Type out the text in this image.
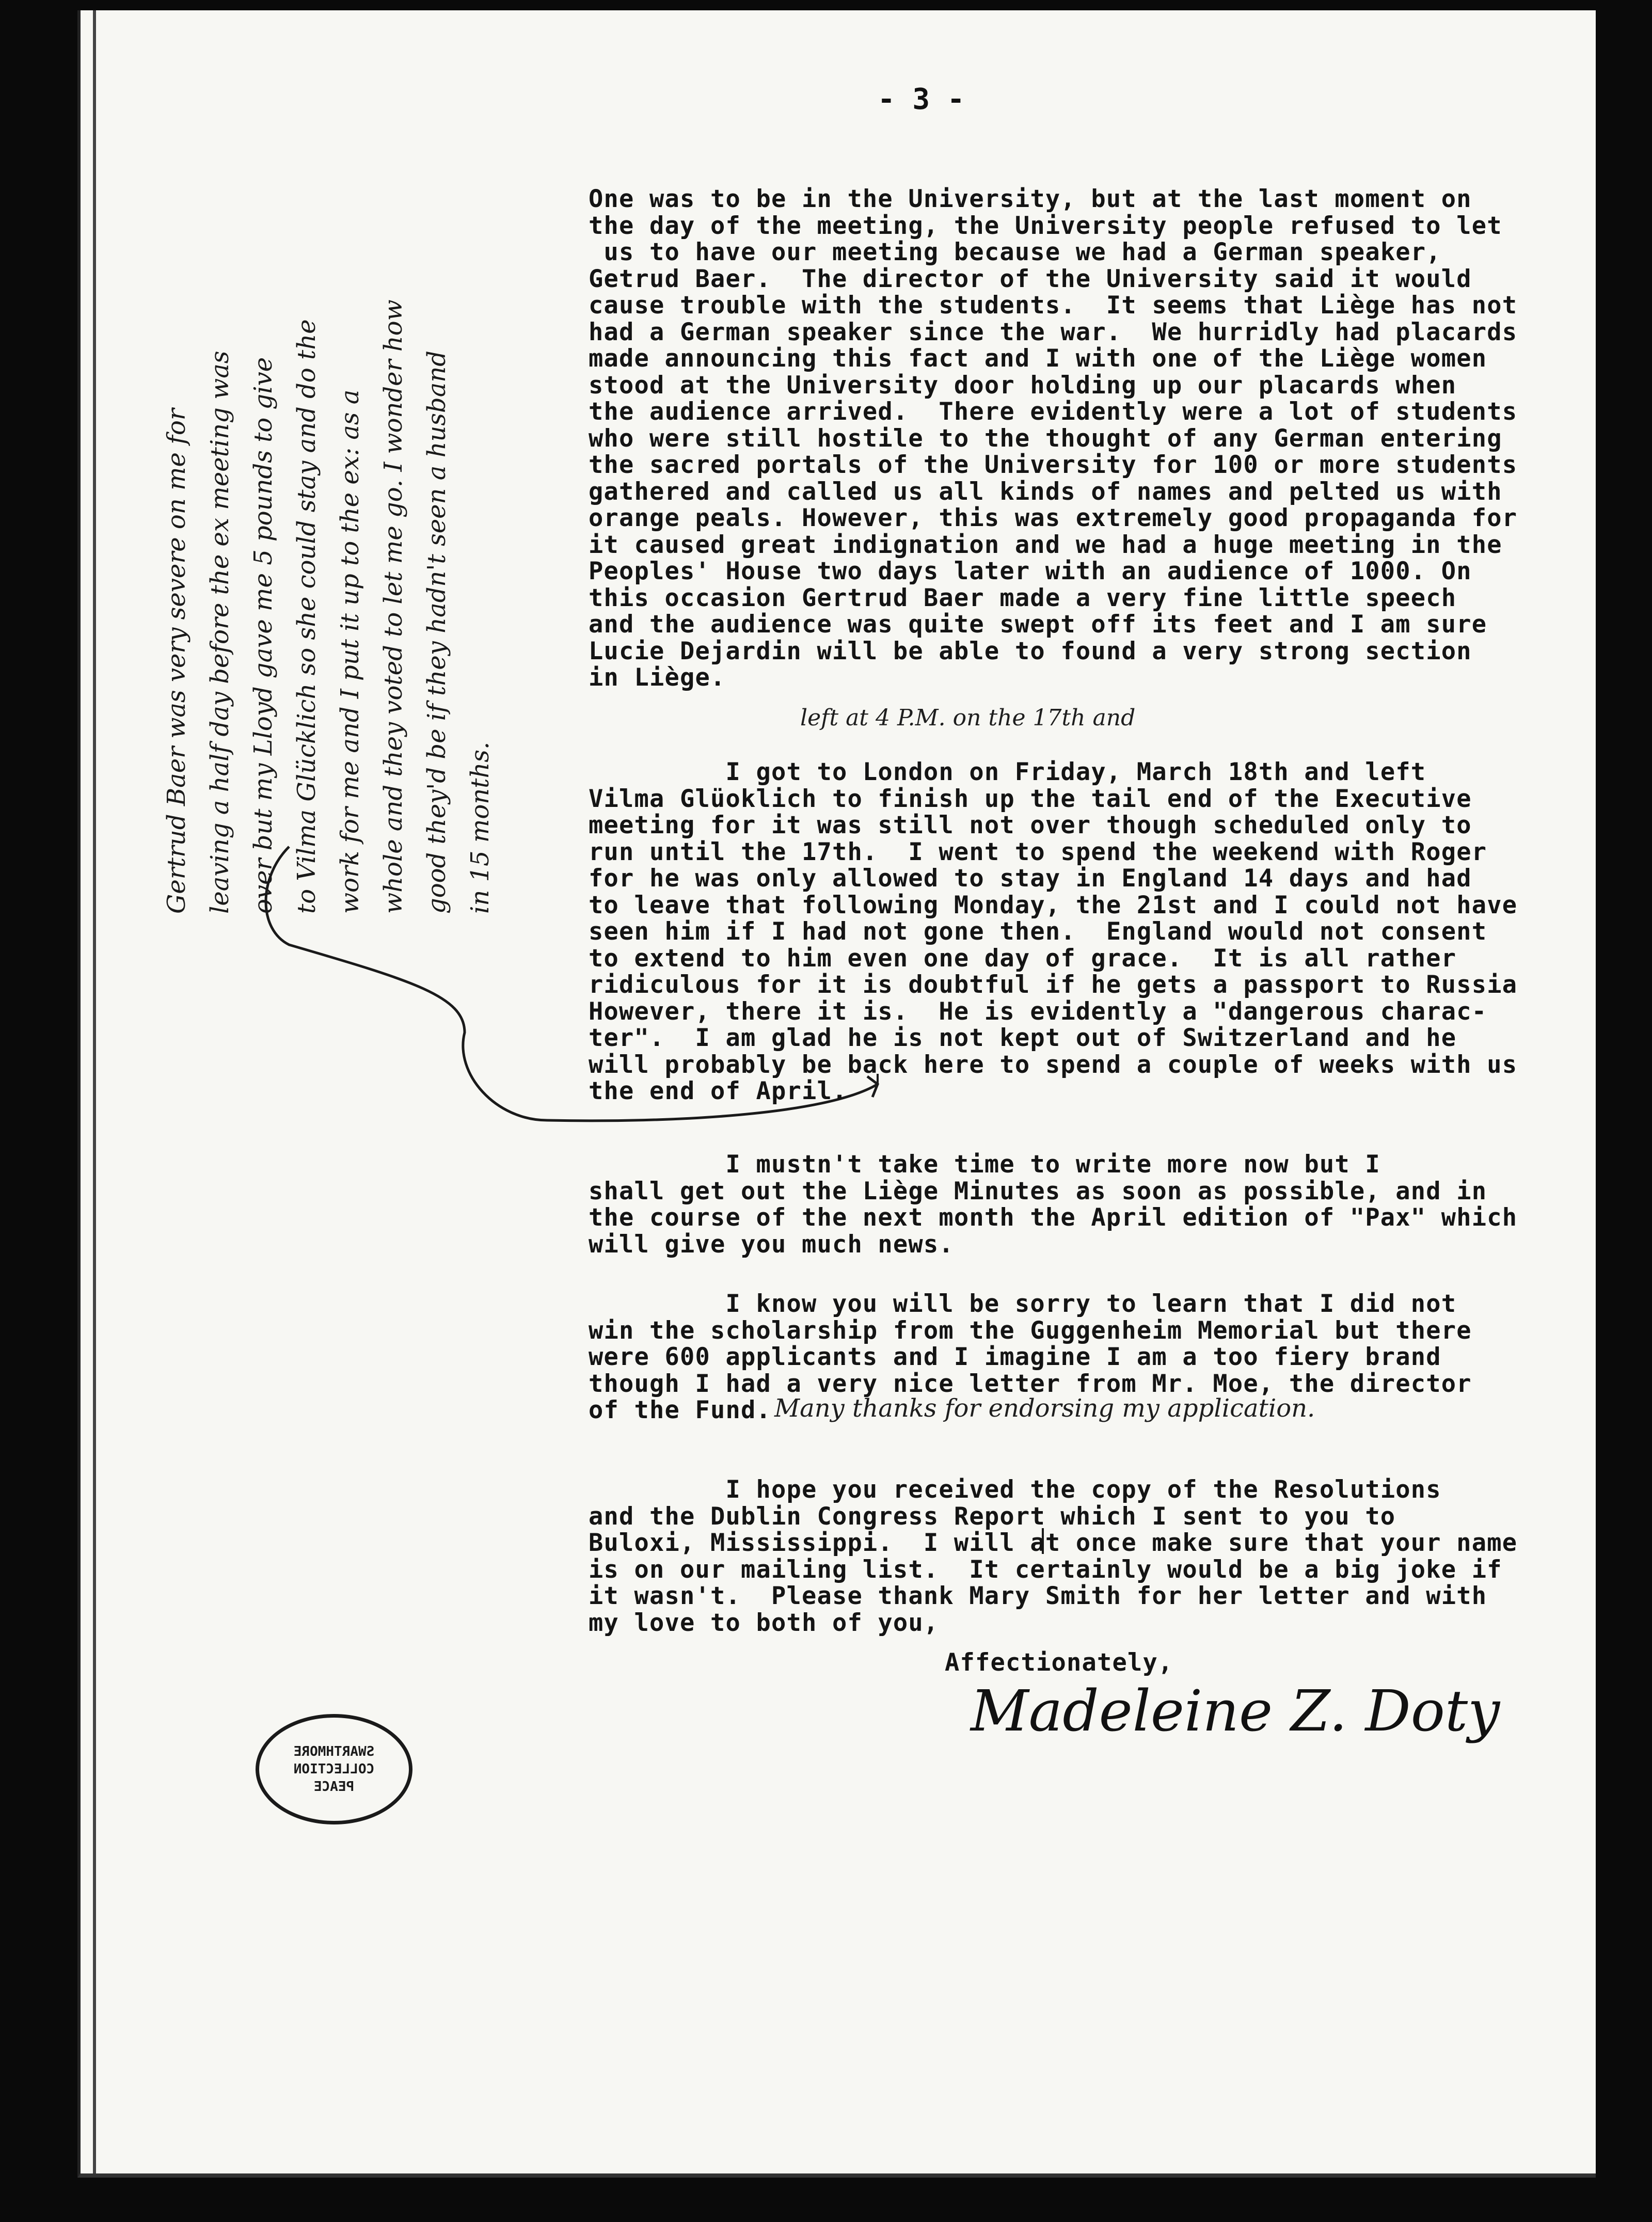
- 3 -
Gertrud Baer was very severe on me for leaving a half day before the ex meeting was over but my Lloyd gave me 5 pounds to give to Vilma Glücklich so she could stay and do the work for me and I put it up to the ex: as a whole and they voted to let me go. I wonder how good they'd be if they hadn't seen a husband in 15 months.
One was to be in the University, but at the last moment on
the day of the meeting, the University people refused to let
us to have our meeting because we had a German speaker,
Getrud Baer.  The director of the University said it would
cause trouble with the students.  It seems that Liège has not
had a German speaker since the war.  We hurridly had placards
made announcing this fact and I with one of the Liège women
stood at the University door holding up our placards when
the audience arrived.  There evidently were a lot of students
who were still hostile to the thought of any German entering
the sacred portals of the University for 100 or more students
gathered and called us all kinds of names and pelted us with
orange peals. However, this was extremely good propaganda for
it caused great indignation and we had a huge meeting in the
Peoples' House two days later with an audience of 1000. On
this occasion Gertrud Baer made a very fine little speech
and the audience was quite swept off its feet and I am sure
Lucie Dejardin will be able to found a very strong section
in Liège.
left at 4 P.M. on the 17th and
I got to London on Friday, March 18th and left
Vilma Glüoklich to finish up the tail end of the Executive
meeting for it was still not over though scheduled only to
run until the 17th.  I went to spend the weekend with Roger
for he was only allowed to stay in England 14 days and had
to leave that following Monday, the 21st and I could not have
seen him if I had not gone then.  England would not consent
to extend to him even one day of grace.  It is all rather
ridiculous for it is doubtful if he gets a passport to Russia
However, there it is.  He is evidently a "dangerous charac-
ter".  I am glad he is not kept out of Switzerland and he
will probably be back here to spend a couple of weeks with us
the end of April.
I mustn't take time to write more now but I
shall get out the Liège Minutes as soon as possible, and in
the course of the next month the April edition of "Pax" which
will give you much news.
I know you will be sorry to learn that I did not
win the scholarship from the Guggenheim Memorial but there
were 600 applicants and I imagine I am a too fiery brand
though I had a very nice letter from Mr. Moe, the director
of the Fund. Many thanks for endorsing my application.
I hope you received the copy of the Resolutions
and the Dublin Congress Report which I sent to you to
Buloxi, Mississippi.  I will at once make sure that your name
is on our mailing list.  It certainly would be a big joke if
it wasn't.  Please thank Mary Smith for her letter and with
my love to both of you,
Affectionately,
Madeleine Z. Doty
SWARTHMORE
COLLECTION
PEACE
